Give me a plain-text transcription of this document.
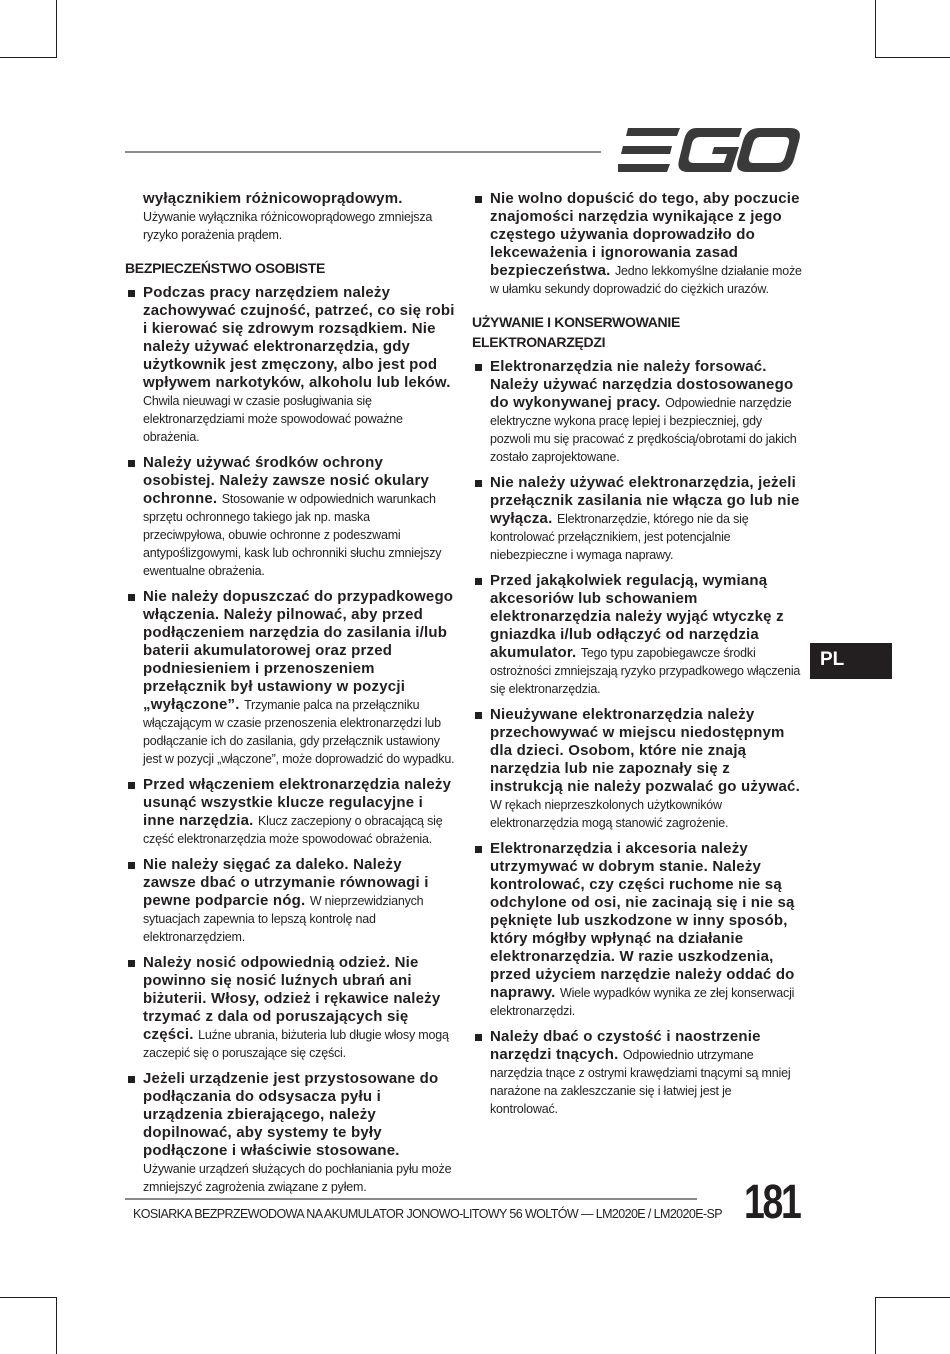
wyłącznikiem różnicowoprądowym.
Używanie wyłącznika różnicowoprądowego zmniejsza ryzyko porażenia prądem.
BEZPIECZEŃSTWO OSOBISTE
Podczas pracy narzędziem należy zachowywać czujność, patrzeć, co się robi i kierować się zdrowym rozsądkiem. Nie należy używać elektronarzędzia, gdy użytkownik jest zmęczony, albo jest pod wpływem narkotyków, alkoholu lub leków. Chwila nieuwagi w czasie posługiwania się elektronarzędziami może spowodować poważne obrażenia.
Należy używać środków ochrony osobistej. Należy zawsze nosić okulary ochronne. Stosowanie w odpowiednich warunkach sprzętu ochronnego takiego jak np. maska przeciwpyłowa, obuwie ochronne z podeszwami antypoślizgowymi, kask lub ochronniki słuchu zmniejszy ewentualne obrażenia.
Nie należy dopuszczać do przypadkowego włączenia. Należy pilnować, aby przed podłączeniem narzędzia do zasilania i/lub baterii akumulatorowej oraz przed podniesieniem i przenoszeniem przełącznik był ustawiony w pozycji „wyłączone”. Trzymanie palca na przełączniku włączającym w czasie przenoszenia elektronarzędzi lub podłączanie ich do zasilania, gdy przełącznik ustawiony jest w pozycji „włączone”, może doprowadzić do wypadku.
Przed włączeniem elektronarzędzia należy usunąć wszystkie klucze regulacyjne i inne narzędzia. Klucz zaczepiony o obracającą się część elektronarzędzia może spowodować obrażenia.
Nie należy sięgać za daleko. Należy zawsze dbać o utrzymanie równowagi i pewne podparcie nóg. W nieprzewidzianych sytuacjach zapewnia to lepszą kontrolę nad elektronarzędziem.
Należy nosić odpowiednią odzież. Nie powinno się nosić luźnych ubrań ani biżuterii. Włosy, odzież i rękawice należy trzymać z dala od poruszających się części. Luźne ubrania, biżuteria lub długie włosy mogą zaczepić się o poruszające się części.
Jeżeli urządzenie jest przystosowane do podłączania do odsysacza pyłu i urządzenia zbierającego, należy dopilnować, aby systemy te były podłączone i właściwie stosowane. Używanie urządzeń służących do pochłaniania pyłu może zmniejszyć zagrożenia związane z pyłem.
Nie wolno dopuścić do tego, aby poczucie znajomości narzędzia wynikające z jego częstego używania doprowadziło do lekceważenia i ignorowania zasad bezpieczeństwa. Jedno lekkomyślne działanie może w ułamku sekundy doprowadzić do ciężkich urazów.
UŻYWANIE I KONSERWOWANIE ELEKTRONARZĘDZI
Elektronarzędzia nie należy forsować. Należy używać narzędzia dostosowanego do wykonywanej pracy. Odpowiednie narzędzie elektryczne wykona pracę lepiej i bezpieczniej, gdy pozwoli mu się pracować z prędkością/obrotami do jakich zostało zaprojektowane.
Nie należy używać elektronarzędzia, jeżeli przełącznik zasilania nie włącza go lub nie wyłącza. Elektronarzędzie, którego nie da się kontrolować przełącznikiem, jest potencjalnie niebezpieczne i wymaga naprawy.
Przed jakąkolwiek regulacją, wymianą akcesoriów lub schowaniem elektronarzędzia należy wyjąć wtyczkę z gniazdka i/lub odłączyć od narzędzia akumulator. Tego typu zapobiegawcze środki ostrożności zmniejszają ryzyko przypadkowego włączenia się elektronarzędzia.
Nieużywane elektronarzędzia należy przechowywać w miejscu niedostępnym dla dzieci. Osobom, które nie znają narzędzia lub nie zapoznały się z instrukcją nie należy pozwalać go używać. W rękach nieprzeszkolonych użytkowników elektronarzędzia mogą stanowić zagrożenie.
Elektronarzędzia i akcesoria należy utrzymywać w dobrym stanie. Należy kontrolować, czy części ruchome nie są odchylone od osi, nie zacinają się i nie są pęknięte lub uszkodzone w inny sposób, który mógłby wpłynąć na działanie elektronarzędzia. W razie uszkodzenia, przed użyciem narzędzie należy oddać do naprawy. Wiele wypadków wynika ze złej konserwacji elektronarzędzi.
Należy dbać o czystość i naostrzenie narzędzi tnących. Odpowiednio utrzymane narzędzia tnące z ostrymi krawędziami tnącymi są mniej narażone na zakleszczanie się i łatwiej jest je kontrolować.
PL
KOSIARKA BEZPRZEWODOWA NA AKUMULATOR JONOWO-LITOWY 56 WOLTÓW — LM2020E / LM2020E-SP 181
